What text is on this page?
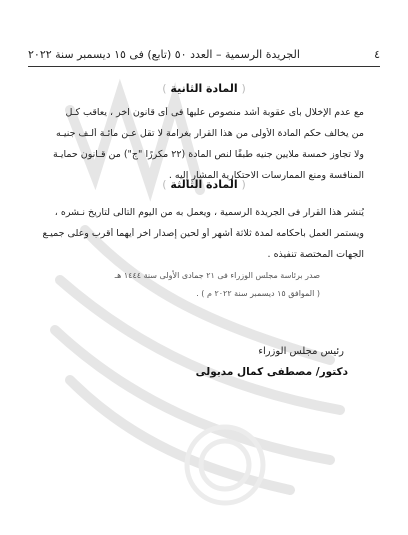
٤
الجريدة الرسمية – العدد ٥٠ (تابع) فى ١٥ ديسمبر سنة ٢٠٢٢
( المادة الثانية )
مع عدم الإخلال بأى عقوبة أشد منصوص عليها فى أى قانون آخر ، يعاقب كـل
من يخالف حكم المادة الأولى من هذا القرار بغرامة لا تقل عـن مائـة ألـف جنيـه
ولا تجاوز خمسة ملايين جنيه طبقًا لنص المادة (٢٢ مكررًا "ج") من قـانون حمايـة
المنافسة ومنع الممارسات الاحتكارية المشار إليه .
( المادة الثالثة )
يُنشر هذا القرار فى الجريدة الرسمية ، ويعمل به من اليوم التالى لتاريخ نـشره ،
ويستمر العمل بأحكامه لمدة ثلاثة أشهر أو لحين إصدار آخر أيهما أقرب وعلى جميـع
الجهات المختصة تنفيذه .
صدر برئاسة مجلس الوزراء فى ٢١ جمادى الأولى سنة ١٤٤٤ هـ
( الموافق ١٥ ديسمبر سنة ٢٠٢٢ م ) .
رئيس مجلس الوزراء
دكتور/ مصطفى كمال مدبولى
